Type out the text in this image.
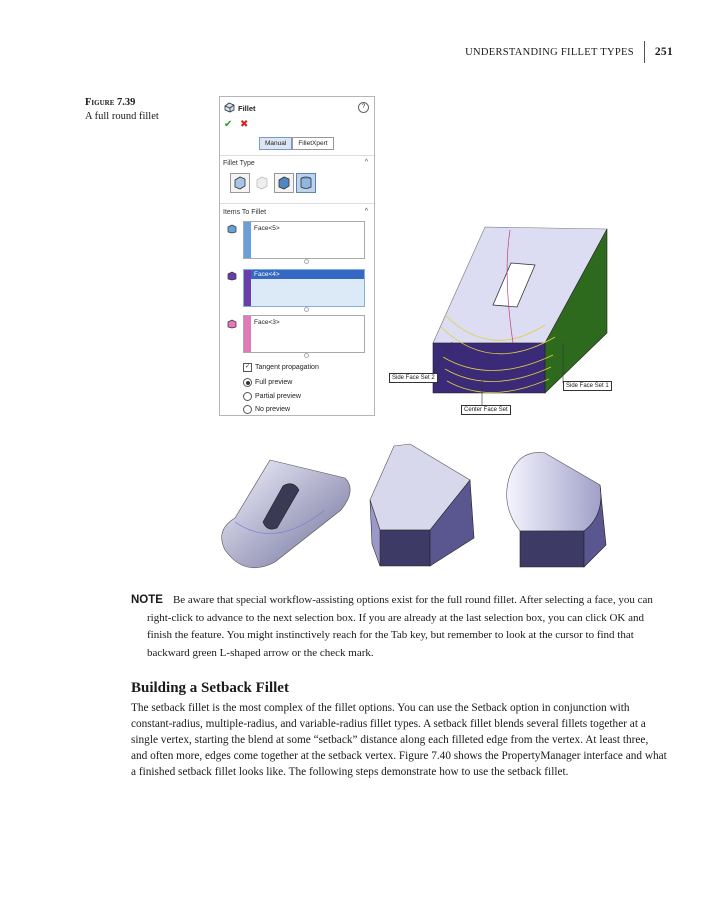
UNDERSTANDING FILLET TYPES 251
Figure 7.39
A full round fillet
Fillet	?
✔ ✖
Manual	FilletXpert
Fillet Type	^
Items To Fillet	^
Face<5>
Face<4>
Face<3>
✓ Tangent propagation
Full preview
Partial preview
No preview
Side Face Set 2
Side Face Set 1
Center Face Set

NOTE Be aware that special workflow-assisting options exist for the full round fillet. After selecting a face, you can right-click to advance to the next selection box. If you are already at the last selection box, you can click OK and finish the feature. You might instinctively reach for the Tab key, but remember to look at the cursor to find that backward green L-shaped arrow or the check mark.

Building a Setback Fillet

The setback fillet is the most complex of the fillet options. You can use the Setback option in conjunction with constant-radius, multiple-radius, and variable-radius fillet types. A setback fillet blends several fillets together at a single vertex, starting the blend at some “setback” distance along each filleted edge from the vertex. At least three, and often more, edges come together at the setback vertex. Figure 7.40 shows the PropertyManager interface and what a finished setback fillet looks like. The following steps demonstrate how to use the setback fillet.
